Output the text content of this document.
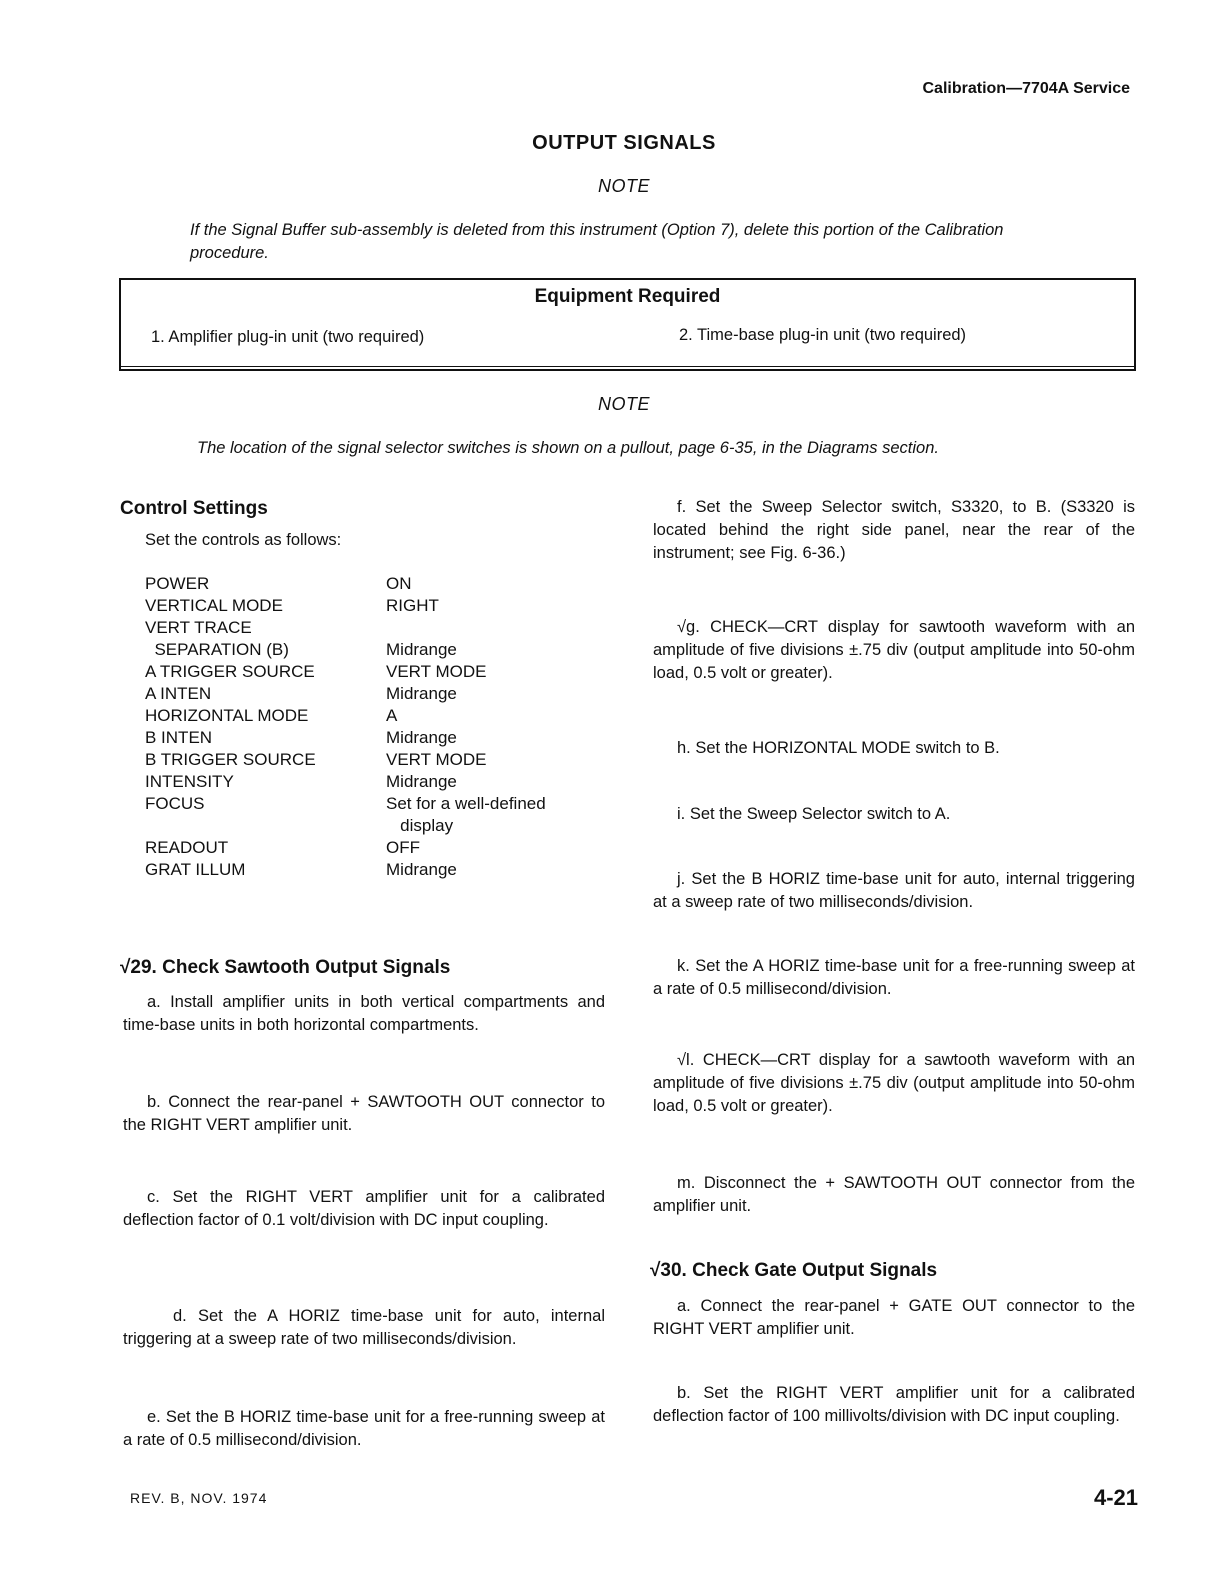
Calibration—7704A Service
OUTPUT SIGNALS
NOTE
If the Signal Buffer sub-assembly is deleted from this instrument (Option 7), delete this portion of the Calibration procedure.
Equipment Required
1. Amplifier plug-in unit (two required)	2. Time-base plug-in unit (two required)
NOTE
The location of the signal selector switches is shown on a pullout, page 6-35, in the Diagrams section.
Control Settings
Set the controls as follows:
POWER	ON
VERTICAL MODE	RIGHT
VERT TRACE	
SEPARATION (B)	Midrange
A TRIGGER SOURCE	VERT MODE
A INTEN	Midrange
HORIZONTAL MODE	A
B INTEN	Midrange
B TRIGGER SOURCE	VERT MODE
INTENSITY	Midrange
FOCUS	Set for a well-defined
	display
READOUT	OFF
GRAT ILLUM	Midrange
√29. Check Sawtooth Output Signals
a. Install amplifier units in both vertical compartments and time-base units in both horizontal compartments.
b. Connect the rear-panel + SAWTOOTH OUT connector to the RIGHT VERT amplifier unit.
c. Set the RIGHT VERT amplifier unit for a calibrated deflection factor of 0.1 volt/division with DC input coupling.
d. Set the A HORIZ time-base unit for auto, internal triggering at a sweep rate of two milliseconds/division.
e. Set the B HORIZ time-base unit for a free-running sweep at a rate of 0.5 millisecond/division.
f. Set the Sweep Selector switch, S3320, to B. (S3320 is located behind the right side panel, near the rear of the instrument; see Fig. 6-36.)
√g. CHECK—CRT display for sawtooth waveform with an amplitude of five divisions ±.75 div (output amplitude into 50-ohm load, 0.5 volt or greater).
h. Set the HORIZONTAL MODE switch to B.
i. Set the Sweep Selector switch to A.
j. Set the B HORIZ time-base unit for auto, internal triggering at a sweep rate of two milliseconds/division.
k. Set the A HORIZ time-base unit for a free-running sweep at a rate of 0.5 millisecond/division.
√l. CHECK—CRT display for a sawtooth waveform with an amplitude of five divisions ±.75 div (output amplitude into 50-ohm load, 0.5 volt or greater).
m. Disconnect the + SAWTOOTH OUT connector from the amplifier unit.
√30. Check Gate Output Signals
a. Connect the rear-panel + GATE OUT connector to the RIGHT VERT amplifier unit.
b. Set the RIGHT VERT amplifier unit for a calibrated deflection factor of 100 millivolts/division with DC input coupling.
REV. B, NOV. 1974	4-21
